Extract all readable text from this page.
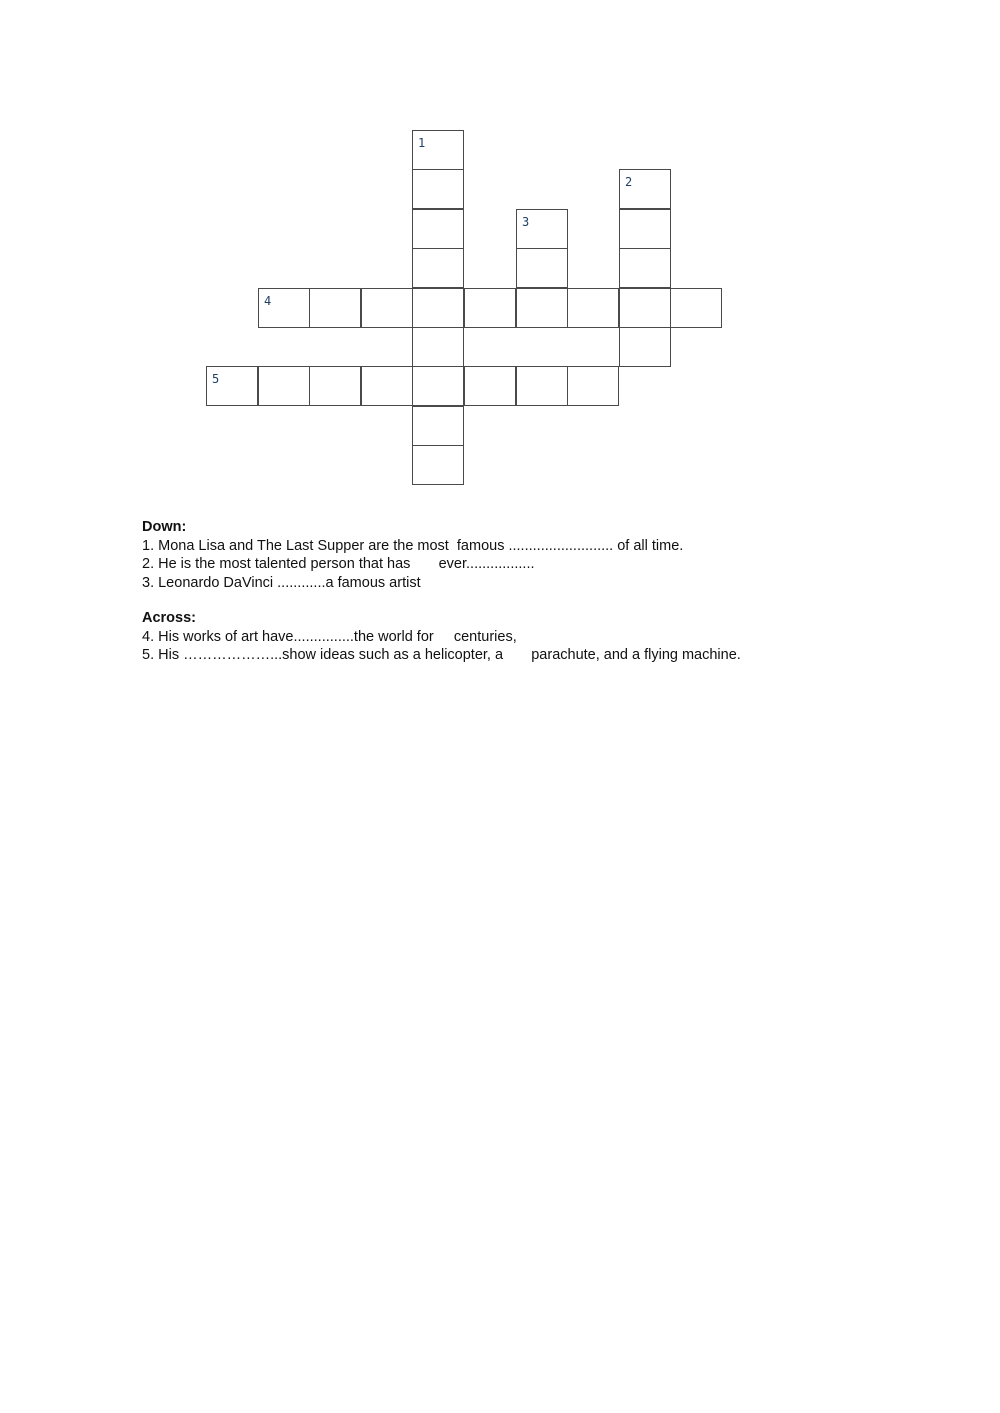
1
2
3
4
5
Down:
1. Mona Lisa and The Last Supper are the most  famous .......................... of all time.
2. He is the most talented person that has       ever.................
3. Leonardo DaVinci ............a famous artist
Across:
4. His works of art have...............the world for     centuries,
5. His ………………...show ideas such as a helicopter, a       parachute, and a flying machine.
